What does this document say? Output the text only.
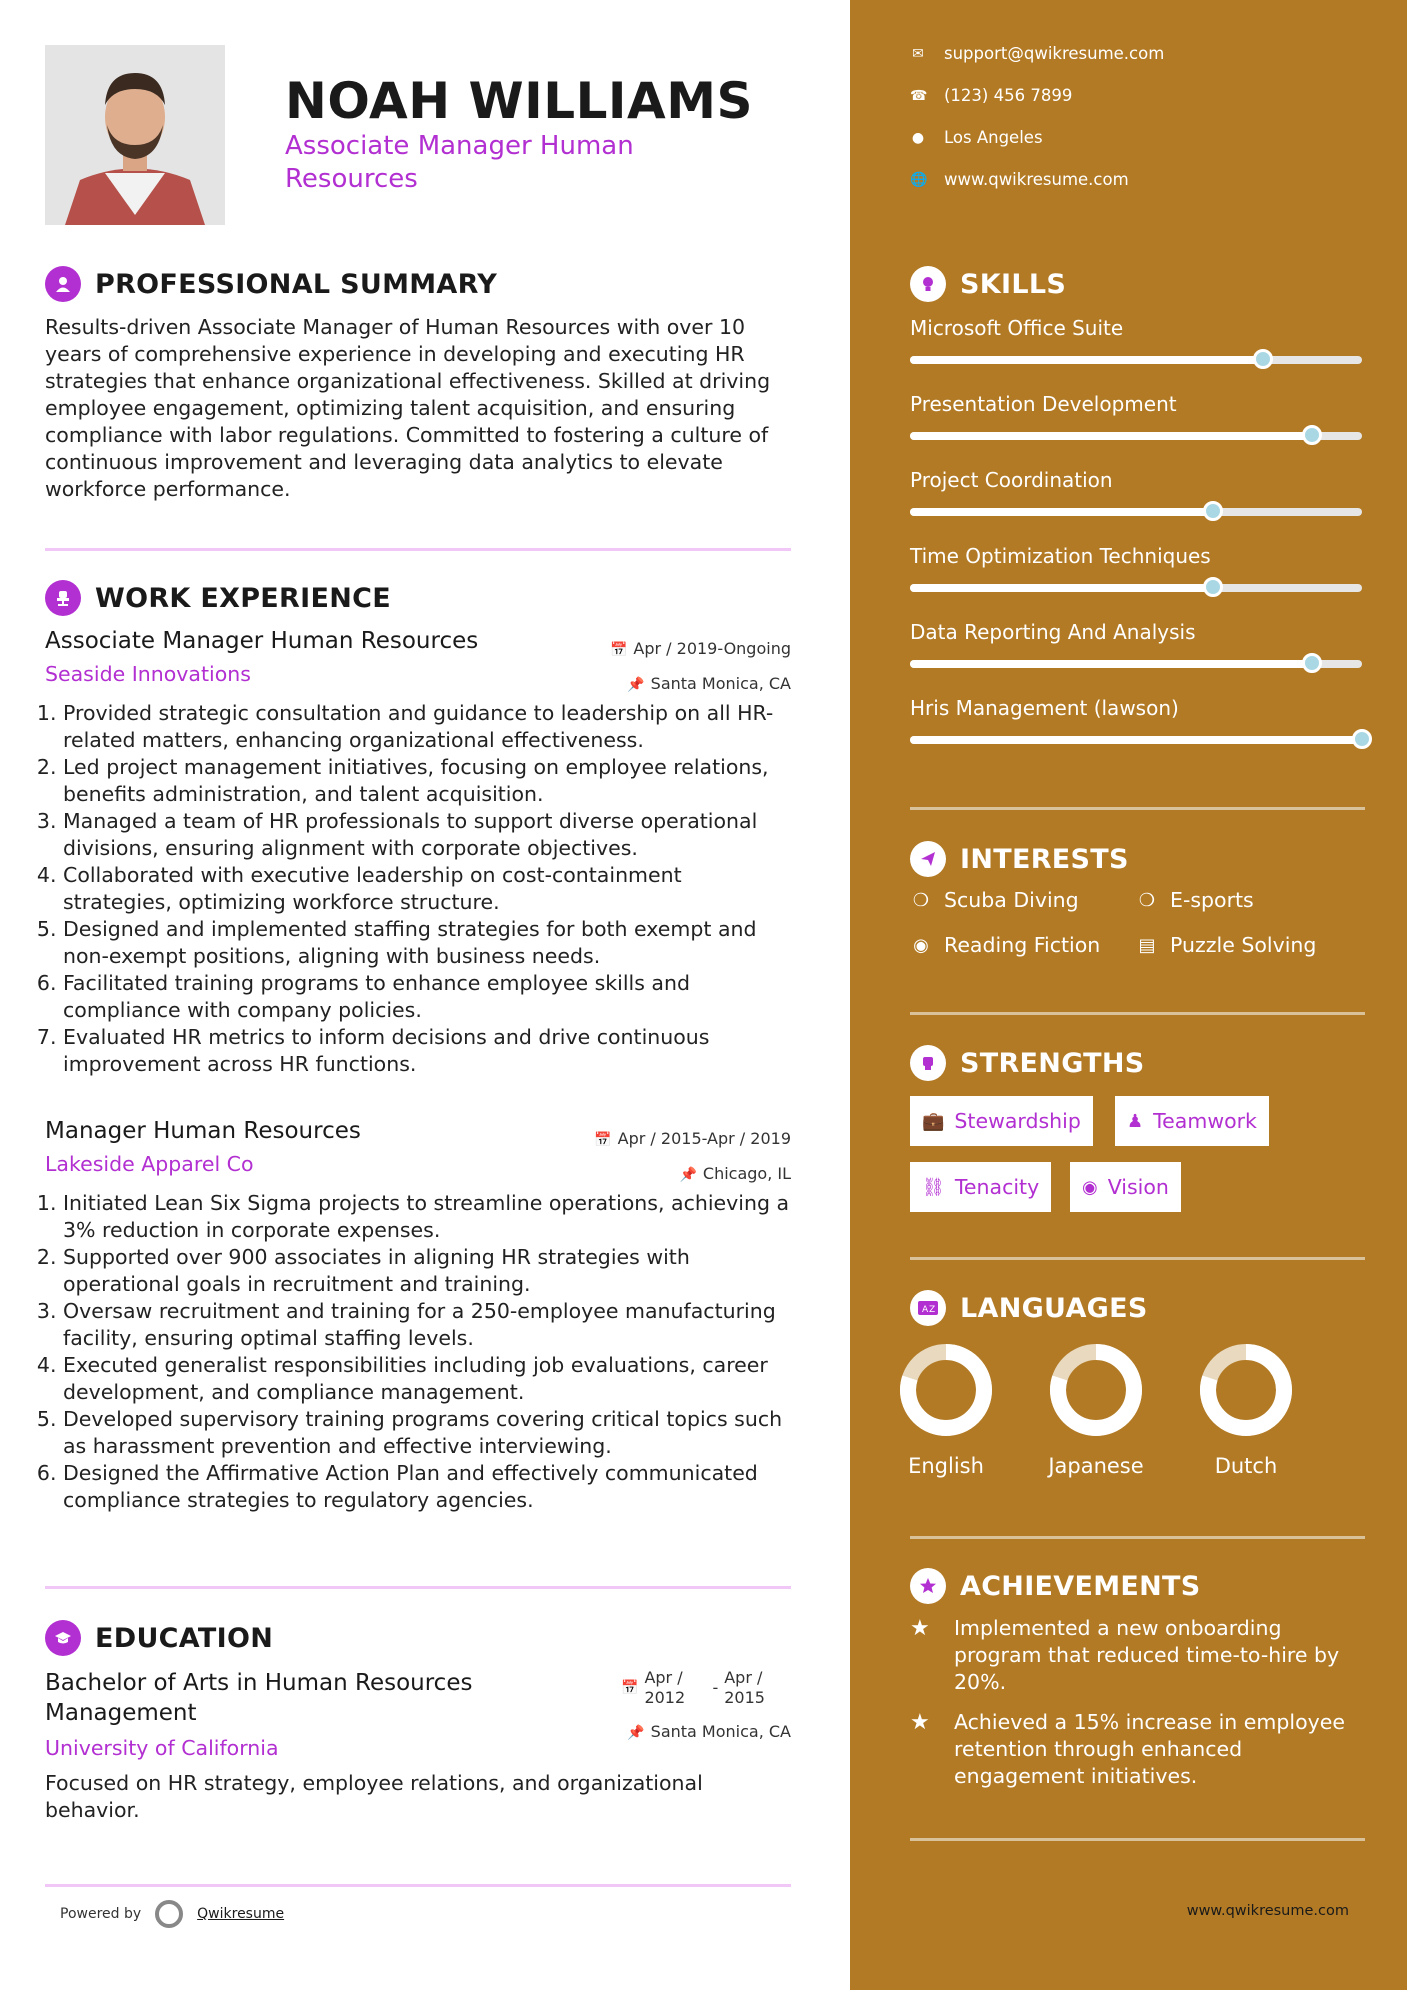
NOAH WILLIAMS
Associate Manager Human Resources
PROFESSIONAL SUMMARY
Results-driven Associate Manager of Human Resources with over 10 years of comprehensive experience in developing and executing HR strategies that enhance organizational effectiveness. Skilled at driving employee engagement, optimizing talent acquisition, and ensuring compliance with labor regulations. Committed to fostering a culture of continuous improvement and leveraging data analytics to elevate workforce performance.
WORK EXPERIENCE
Associate Manager Human Resources
Seaside Innovations
📅 Apr / 2019-Ongoing
📌 Santa Monica, CA
1. Provided strategic consultation and guidance to leadership on all HR-related matters, enhancing organizational effectiveness.
2. Led project management initiatives, focusing on employee relations, benefits administration, and talent acquisition.
3. Managed a team of HR professionals to support diverse operational divisions, ensuring alignment with corporate objectives.
4. Collaborated with executive leadership on cost-containment strategies, optimizing workforce structure.
5. Designed and implemented staffing strategies for both exempt and non-exempt positions, aligning with business needs.
6. Facilitated training programs to enhance employee skills and compliance with company policies.
7. Evaluated HR metrics to inform decisions and drive continuous improvement across HR functions.
Manager Human Resources
Lakeside Apparel Co
📅 Apr / 2015-Apr / 2019
📌 Chicago, IL
1. Initiated Lean Six Sigma projects to streamline operations, achieving a 3% reduction in corporate expenses.
2. Supported over 900 associates in aligning HR strategies with operational goals in recruitment and training.
3. Oversaw recruitment and training for a 250-employee manufacturing facility, ensuring optimal staffing levels.
4. Executed generalist responsibilities including job evaluations, career development, and compliance management.
5. Developed supervisory training programs covering critical topics such as harassment prevention and effective interviewing.
6. Designed the Affirmative Action Plan and effectively communicated compliance strategies to regulatory agencies.
EDUCATION
Bachelor of Arts in Human Resources Management
University of California
📅
Apr / 2012
-
Apr / 2015
📌 Santa Monica, CA
Focused on HR strategy, employee relations, and organizational behavior.
Powered by	Qwikresume
✉ support@qwikresume.com
☎ (123) 456 7899
● Los Angeles
🌐 www.qwikresume.com
SKILLS
Microsoft Office Suite
Presentation Development
Project Coordination
Time Optimization Techniques
Data Reporting And Analysis
Hris Management (lawson)
INTERESTS
❍ Scuba Diving	❍ E-sports
◉ Reading Fiction ▤ Puzzle Solving
STRENGTHS
💼 Stewardship	♟ Teamwork
⛓ Tenacity ◉ Vision
A Z LANGUAGES
English	Japanese	Dutch
ACHIEVEMENTS
★	Implemented a new onboarding program that reduced time-to-hire by 20%.
★	Achieved a 15% increase in employee retention through enhanced engagement initiatives.
www.qwikresume.com
